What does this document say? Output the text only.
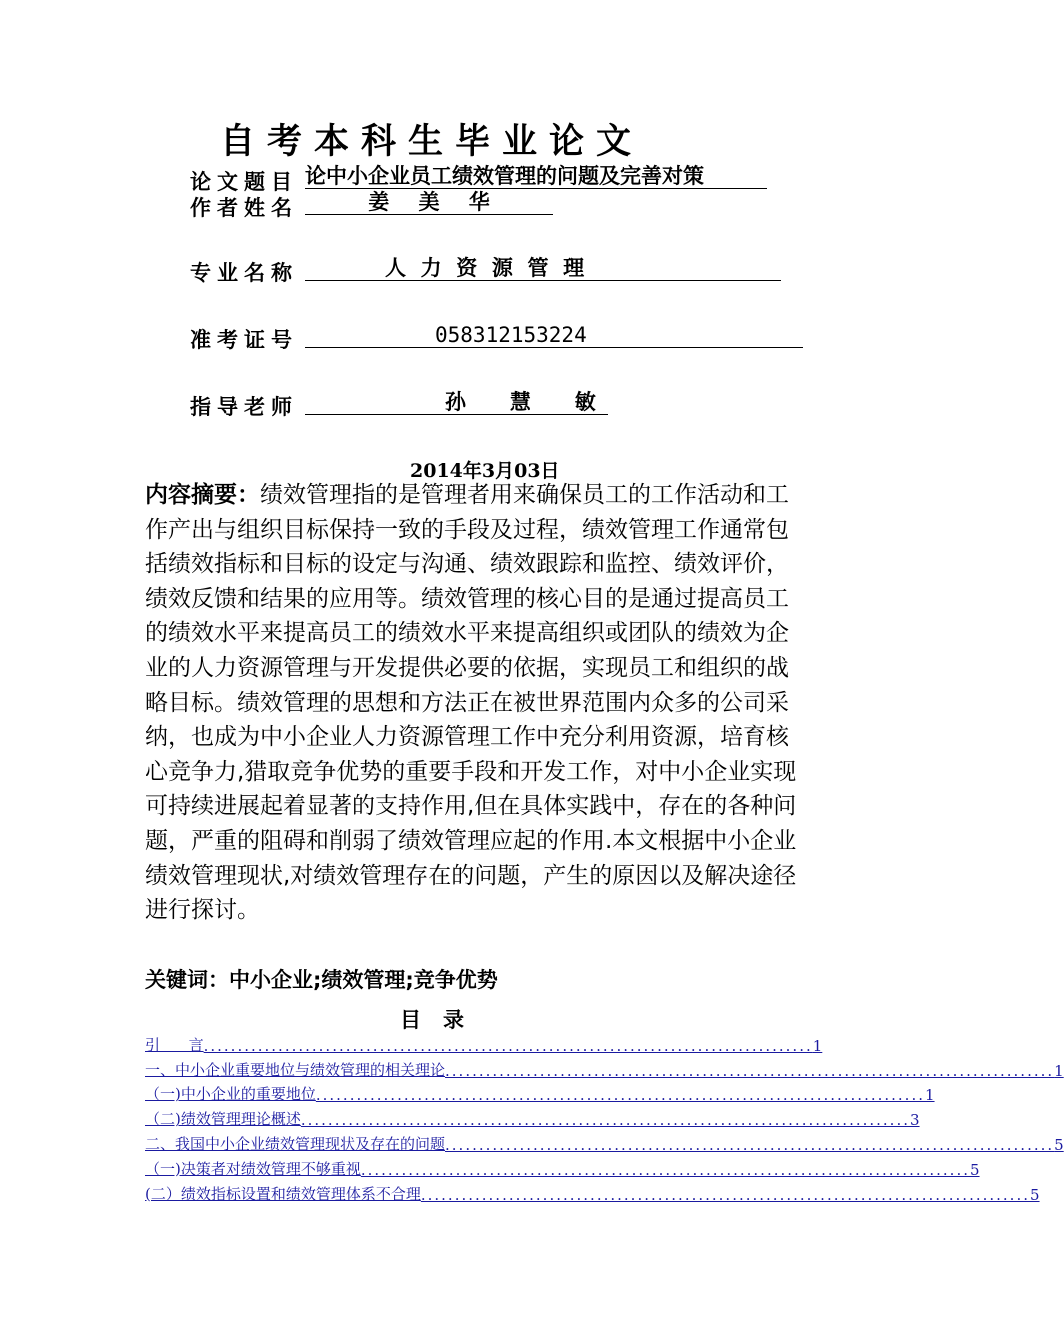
自考本科生毕业论文
论文题目 论中小企业员工绩效管理的问题及完善对策
作者姓名	姜    美    华
专业名称	人  力  资  源  管  理
准考证号	058312153224
指导老师	孙      慧      敏
2014年3月03日
内容摘要：绩效管理指的是管理者用来确保员工的工作活动和工作产出与组织目标保持一致的手段及过程，绩效管理工作通常包括绩效指标和目标的设定与沟通、绩效跟踪和监控、绩效评价，绩效反馈和结果的应用等。绩效管理的核心目的是通过提高员工的绩效水平来提高员工的绩效水平来提高组织或团队的绩效为企业的人力资源管理与开发提供必要的依据，实现员工和组织的战略目标。绩效管理的思想和方法正在被世界范围内众多的公司采纳，也成为中小企业人力资源管理工作中充分利用资源，培育核心竞争力,猎取竞争优势的重要手段和开发工作，对中小企业实现可持续进展起着显著的支持作用,但在具体实践中，存在的各种问题，严重的阻碍和削弱了绩效管理应起的作用.本文根据中小企业绩效管理现状,对绩效管理存在的问题，产生的原因以及解决途径进行探讨。
关键词：中小企业;绩效管理;竞争优势
目录
引      言 .......................................................................................... 1
一、中小企业重要地位与绩效管理的相关理论 .......................................................................................... 1
（一)中小企业的重要地位 .......................................................................................... 1
（二)绩效管理理论概述 .......................................................................................... 3
二、我国中小企业绩效管理现状及存在的问题 .......................................................................................... 5
（一)决策者对绩效管理不够重视 .......................................................................................... 5
(二）绩效指标设置和绩效管理体系不合理 .......................................................................................... 5
